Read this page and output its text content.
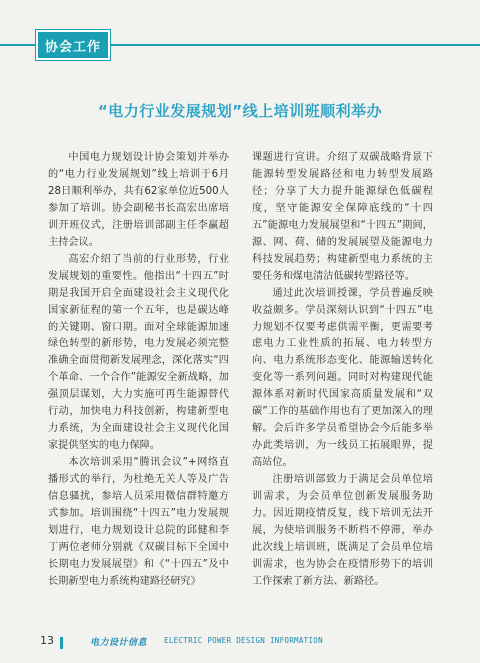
协会工作
“电力行业发展规划”线上培训班顺利举办

中国电力规划设计协会策划并举办的“电力行业发展规划”线上培训于6月28日顺利举办，共有62家单位近500人参加了培训。协会副秘书长高宏出席培训开班仪式，注册培训部副主任李赢超主持会议。

高宏介绍了当前的行业形势，行业发展规划的重要性。他指出“十四五”时期是我国开启全面建设社会主义现代化国家新征程的第一个五年，也是碳达峰的关键期、窗口期。面对全球能源加速绿色转型的新形势，电力发展必须完整准确全面贯彻新发展理念，深化落实“四个革命、一个合作”能源安全新战略，加强顶层谋划，大力实施可再生能源替代行动，加快电力科技创新，构建新型电力系统，为全面建设社会主义现代化国家提供坚实的电力保障。

本次培训采用“腾讯会议”+网络直播形式的举行，为杜绝无关人等及广告信息骚扰，参培人员采用微信群特邀方式参加。培训围绕“十四五”电力发展规划进行，电力规划设计总院的邱健和李丁两位老师分别就《双碳目标下全国中长期电力发展展望》和《“十四五”及中长期新型电力系统构建路径研究》

课题进行宣讲。介绍了双碳战略背景下能源转型发展路径和电力转型发展路径；分享了大力提升能源绿色低碳程度，坚守能源安全保障底线的“十四五”能源电力发展展望和“十四五”期间，源、网、荷、储的发展展望及能源电力科技发展趋势；构建新型电力系统的主要任务和煤电清洁低碳转型路径等。

通过此次培训授课，学员普遍反映收益颇多。学员深刻认识到“十四五”电力规划不仅要考虑供需平衡，更需要考虑电力工业性质的拓展、电力转型方向、电力系统形态变化、能源输送转化变化等一系列问题。同时对构建现代能源体系对新时代国家高质量发展和“双碳”工作的基础作用也有了更加深入的理解。会后许多学员希望协会今后能多举办此类培训，为一线员工拓展眼界，提高站位。

注册培训部致力于满足会员单位培训需求，为会员单位创新发展服务助力。因近期疫情反复，线下培训无法开展，为使培训服务不断档不停滞，举办此次线上培训班，既满足了会员单位培训需求，也为协会在疫情形势下的培训工作探索了新方法、新路径。

13	电力设计信息 ELECTRIC POWER DESIGN INFORMATION
